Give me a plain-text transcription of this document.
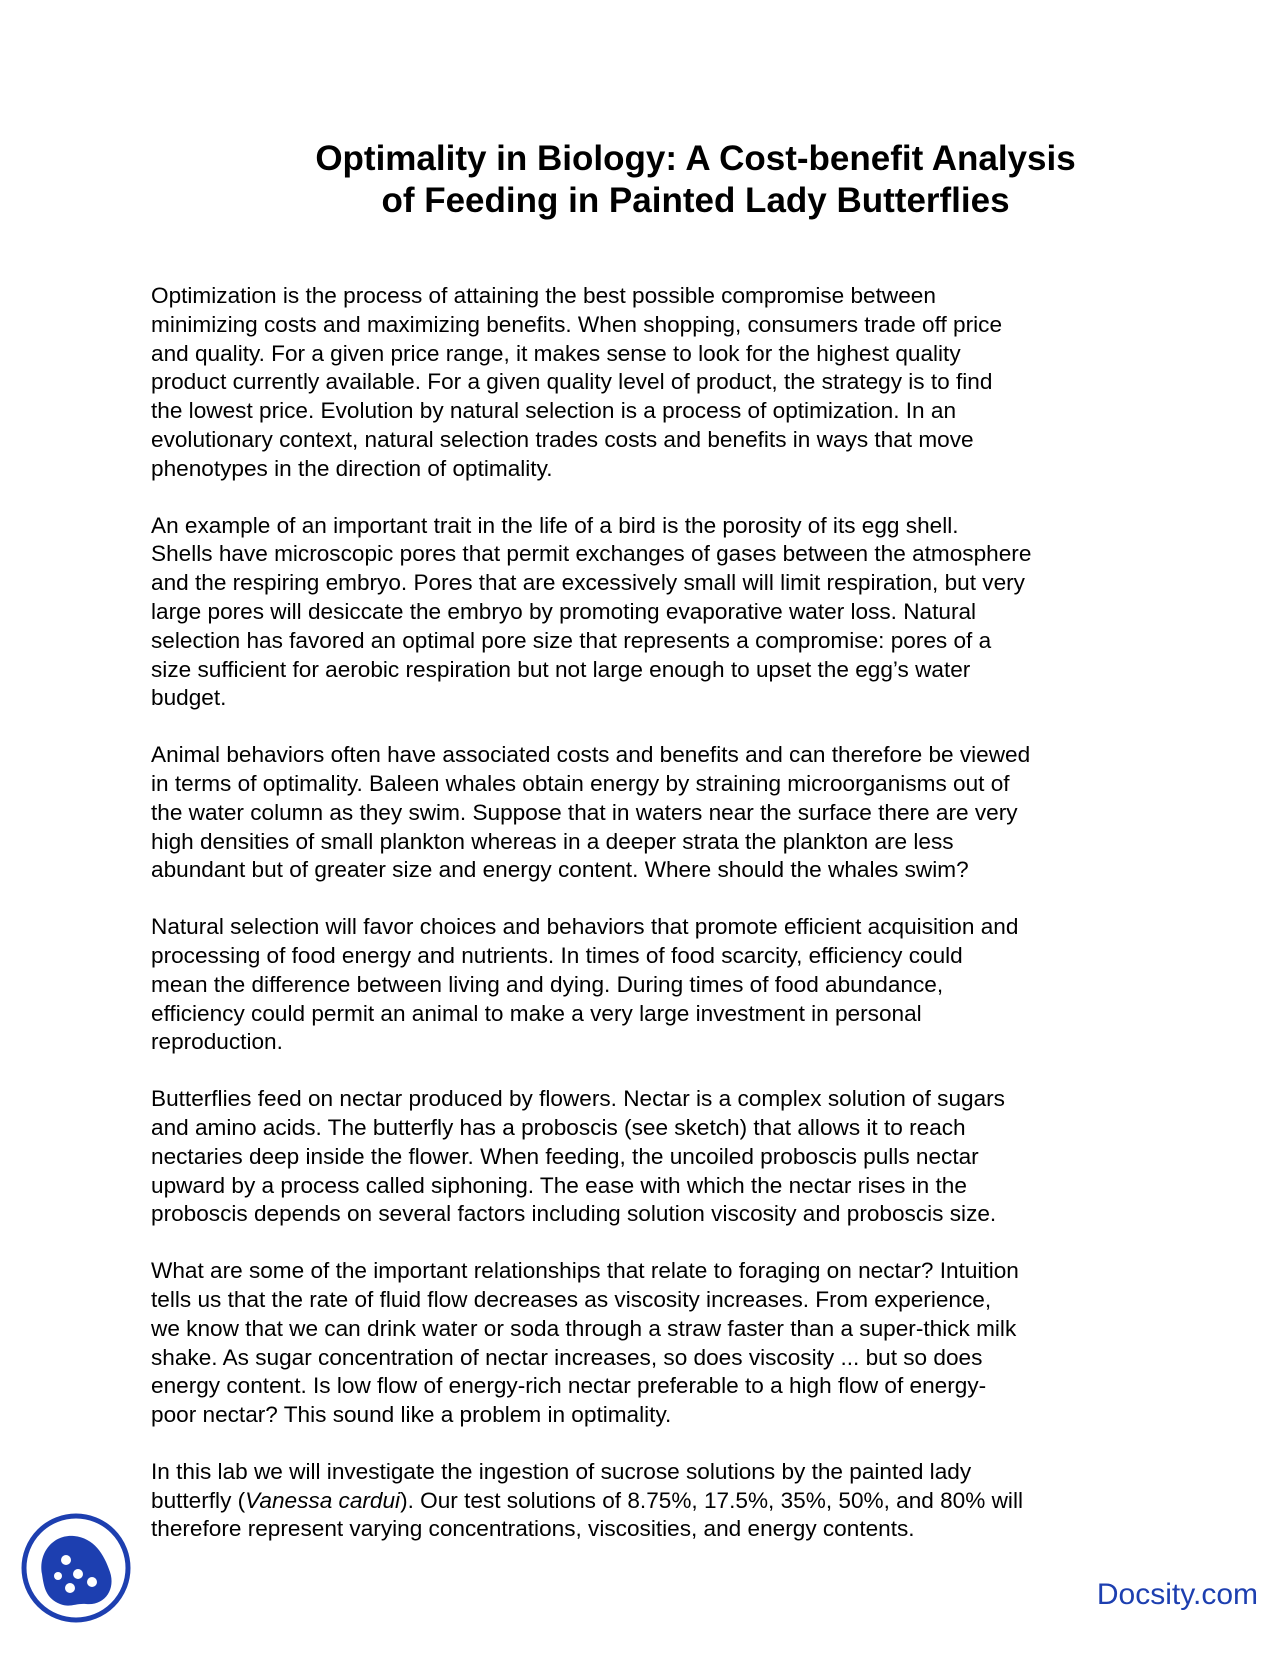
Optimality in Biology: A Cost-benefit Analysis
of Feeding in Painted Lady Butterflies

Optimization is the process of attaining the best possible compromise between
minimizing costs and maximizing benefits. When shopping, consumers trade off price
and quality. For a given price range, it makes sense to look for the highest quality
product currently available. For a given quality level of product, the strategy is to find
the lowest price. Evolution by natural selection is a process of optimization. In an
evolutionary context, natural selection trades costs and benefits in ways that move
phenotypes in the direction of optimality.

An example of an important trait in the life of a bird is the porosity of its egg shell.
Shells have microscopic pores that permit exchanges of gases between the atmosphere
and the respiring embryo. Pores that are excessively small will limit respiration, but very
large pores will desiccate the embryo by promoting evaporative water loss. Natural
selection has favored an optimal pore size that represents a compromise: pores of a
size sufficient for aerobic respiration but not large enough to upset the egg’s water
budget.

Animal behaviors often have associated costs and benefits and can therefore be viewed
in terms of optimality. Baleen whales obtain energy by straining microorganisms out of
the water column as they swim. Suppose that in waters near the surface there are very
high densities of small plankton whereas in a deeper strata the plankton are less
abundant but of greater size and energy content. Where should the whales swim?

Natural selection will favor choices and behaviors that promote efficient acquisition and
processing of food energy and nutrients. In times of food scarcity, efficiency could
mean the difference between living and dying. During times of food abundance,
efficiency could permit an animal to make a very large investment in personal
reproduction.

Butterflies feed on nectar produced by flowers. Nectar is a complex solution of sugars
and amino acids. The butterfly has a proboscis (see sketch) that allows it to reach
nectaries deep inside the flower. When feeding, the uncoiled proboscis pulls nectar
upward by a process called siphoning. The ease with which the nectar rises in the
proboscis depends on several factors including solution viscosity and proboscis size.

What are some of the important relationships that relate to foraging on nectar? Intuition
tells us that the rate of fluid flow decreases as viscosity increases. From experience,
we know that we can drink water or soda through a straw faster than a super-thick milk
shake. As sugar concentration of nectar increases, so does viscosity ... but so does
energy content. Is low flow of energy-rich nectar preferable to a high flow of energy-
poor nectar? This sound like a problem in optimality.

In this lab we will investigate the ingestion of sucrose solutions by the painted lady
butterfly (Vanessa cardui). Our test solutions of 8.75%, 17.5%, 35%, 50%, and 80% will
therefore represent varying concentrations, viscosities, and energy contents.

Docsity.com
